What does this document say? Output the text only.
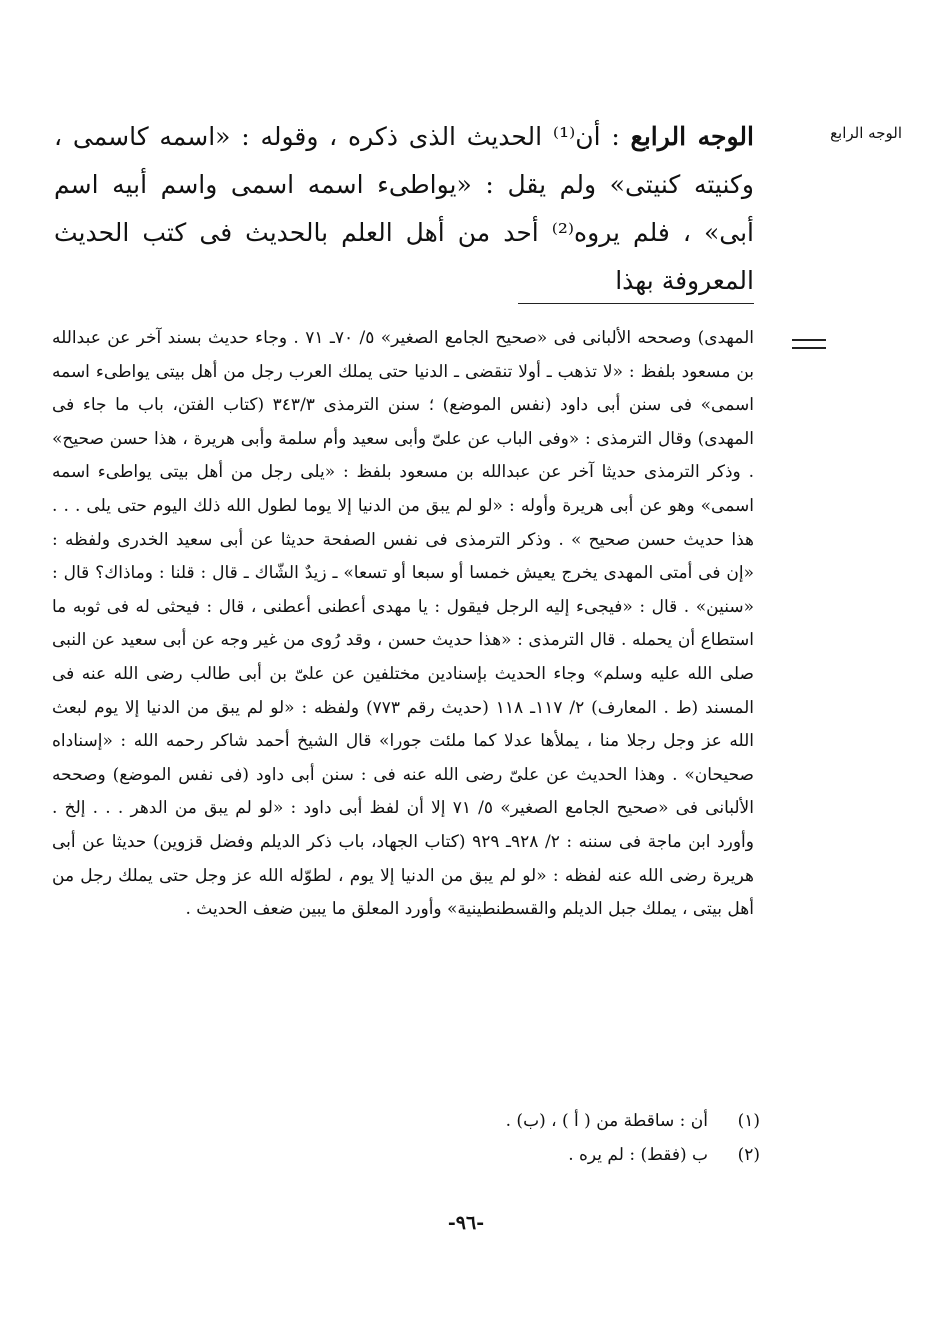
الوجه الرابع

الوجه الرابع : أن⁽¹⁾ الحديث الذى ذكره ، وقوله : «اسمه كاسمى ، وكنيته كنيتى» ولم يقل : «يواطىء اسمه اسمى واسم أبيه اسم أبى» ، فلم يروه⁽²⁾ أحد من أهل العلم بالحديث فى كتب الحديث المعروفة بهذا

المهدى) وصححه الألبانى فى «صحيح الجامع الصغير» ٥/ ٧٠ـ ٧١ . وجاء حديث بسند آخر عن عبدالله بن مسعود بلفظ : «لا تذهب ـ أولا تنقضى ـ الدنيا حتى يملك العرب رجل من أهل بيتى يواطىء اسمه اسمى» فى سنن أبى داود (نفس الموضع) ؛ سنن الترمذى ٣٤٣/٣ (كتاب الفتن، باب ما جاء فى المهدى) وقال الترمذى : «وفى الباب عن علىّ وأبى سعيد وأم سلمة وأبى هريرة ، هذا حسن صحيح» . وذكر الترمذى حديثا آخر عن عبدالله بن مسعود بلفظ : «يلى رجل من أهل بيتى يواطىء اسمه اسمى» وهو عن أبى هريرة وأوله : «لو لم يبق من الدنيا إلا يوما لطول الله ذلك اليوم حتى يلى . . . هذا حديث حسن صحيح » . وذكر الترمذى فى نفس الصفحة حديثا عن أبى سعيد الخدرى ولفظه : «إن فى أمتى المهدى يخرج يعيش خمسا أو سبعا أو تسعا» ـ زيدٌ الشّاك ـ قال : قلنا : وماذاك؟ قال : «سنين» . قال : «فيجىء إليه الرجل فيقول : يا مهدى أعطنى أعطنى ، قال : فيحثى له فى ثوبه ما استطاع أن يحمله . قال الترمذى : «هذا حديث حسن ، وقد رُوى من غير وجه عن أبى سعيد عن النبى صلى الله عليه وسلم» وجاء الحديث بإسنادين مختلفين عن علىّ بن أبى طالب رضى الله عنه فى المسند (ط . المعارف) ٢/ ١١٧ـ ١١٨ (حديث رقم ٧٧٣) ولفظه : «لو لم يبق من الدنيا إلا يوم لبعث الله عز وجل رجلا منا ، يملأها عدلا كما ملئت جورا» قال الشيخ أحمد شاكر رحمه الله : «إسناداه صحيحان» . وهذا الحديث عن علىّ رضى الله عنه فى : سنن أبى داود (فى نفس الموضع) وصححه الألبانى فى «صحيح الجامع الصغير» ٥/ ٧١ إلا أن لفظ أبى داود : «لو لم يبق من الدهر . . . إلخ . وأورد ابن ماجة فى سننه : ٢/ ٩٢٨ـ ٩٢٩ (كتاب الجهاد، باب ذكر الديلم وفضل قزوين) حديثا عن أبى هريرة رضى الله عنه لفظه : «لو لم يبق من الدنيا إلا يوم ، لطوّله الله عز وجل حتى يملك رجل من أهل بيتى ، يملك جبل الديلم والقسطنطينية» وأورد المعلق ما يبين ضعف الحديث .

(١)
أن : ساقطة من ( أ ) ، (ب) .
(٢)
ب (فقط) : لم يره .
-٩٦-
